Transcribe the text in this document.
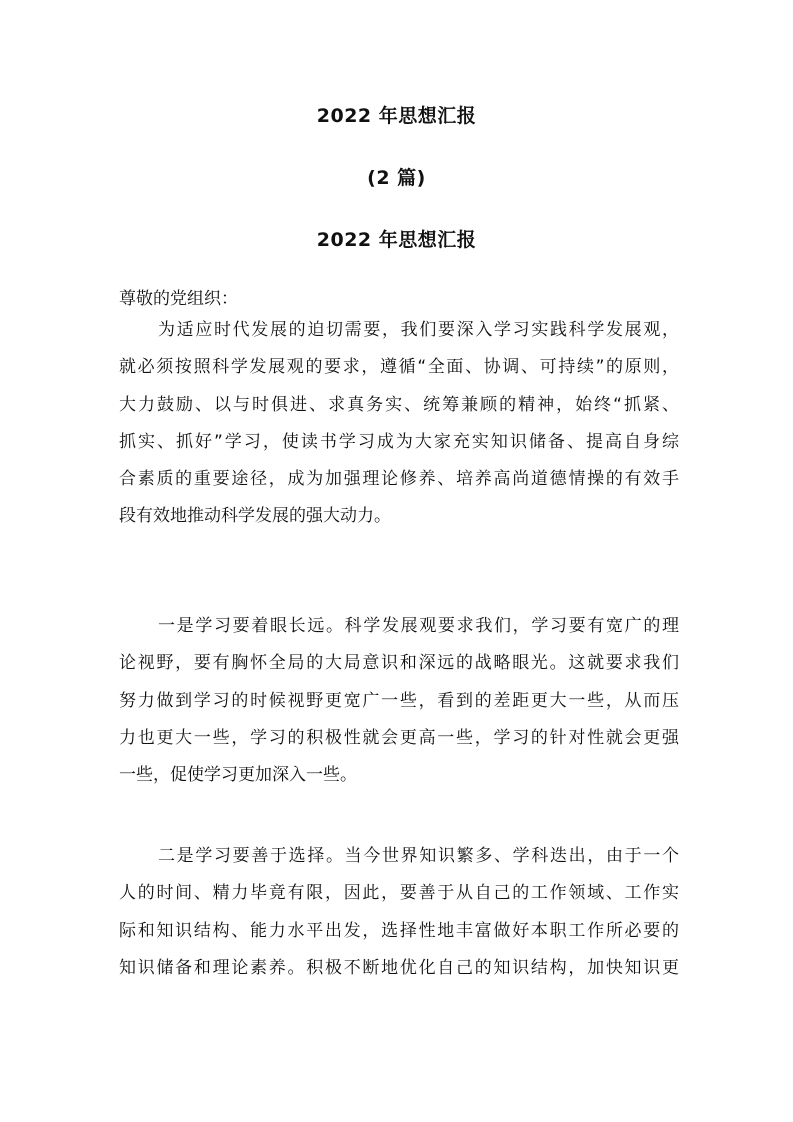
2022 年思想汇报
(2 篇)
2022 年思想汇报
尊敬的党组织：
为适应时代发展的迫切需要，我们要深入学习实践科学发展观，
就必须按照科学发展观的要求，遵循“全面、协调、可持续”的原则，
大力鼓励、以与时俱进、求真务实、统筹兼顾的精神，始终“抓紧、
抓实、抓好”学习，使读书学习成为大家充实知识储备、提高自身综
合素质的重要途径，成为加强理论修养、培养高尚道德情操的有效手
段有效地推动科学发展的强大动力。
一是学习要着眼长远。科学发展观要求我们，学习要有宽广的理
论视野，要有胸怀全局的大局意识和深远的战略眼光。这就要求我们
努力做到学习的时候视野更宽广一些，看到的差距更大一些，从而压
力也更大一些，学习的积极性就会更高一些，学习的针对性就会更强
一些，促使学习更加深入一些。
二是学习要善于选择。当今世界知识繁多、学科迭出，由于一个
人的时间、精力毕竟有限，因此，要善于从自己的工作领域、工作实
际和知识结构、能力水平出发，选择性地丰富做好本职工作所必要的
知识储备和理论素养。积极不断地优化自己的知识结构，加快知识更
